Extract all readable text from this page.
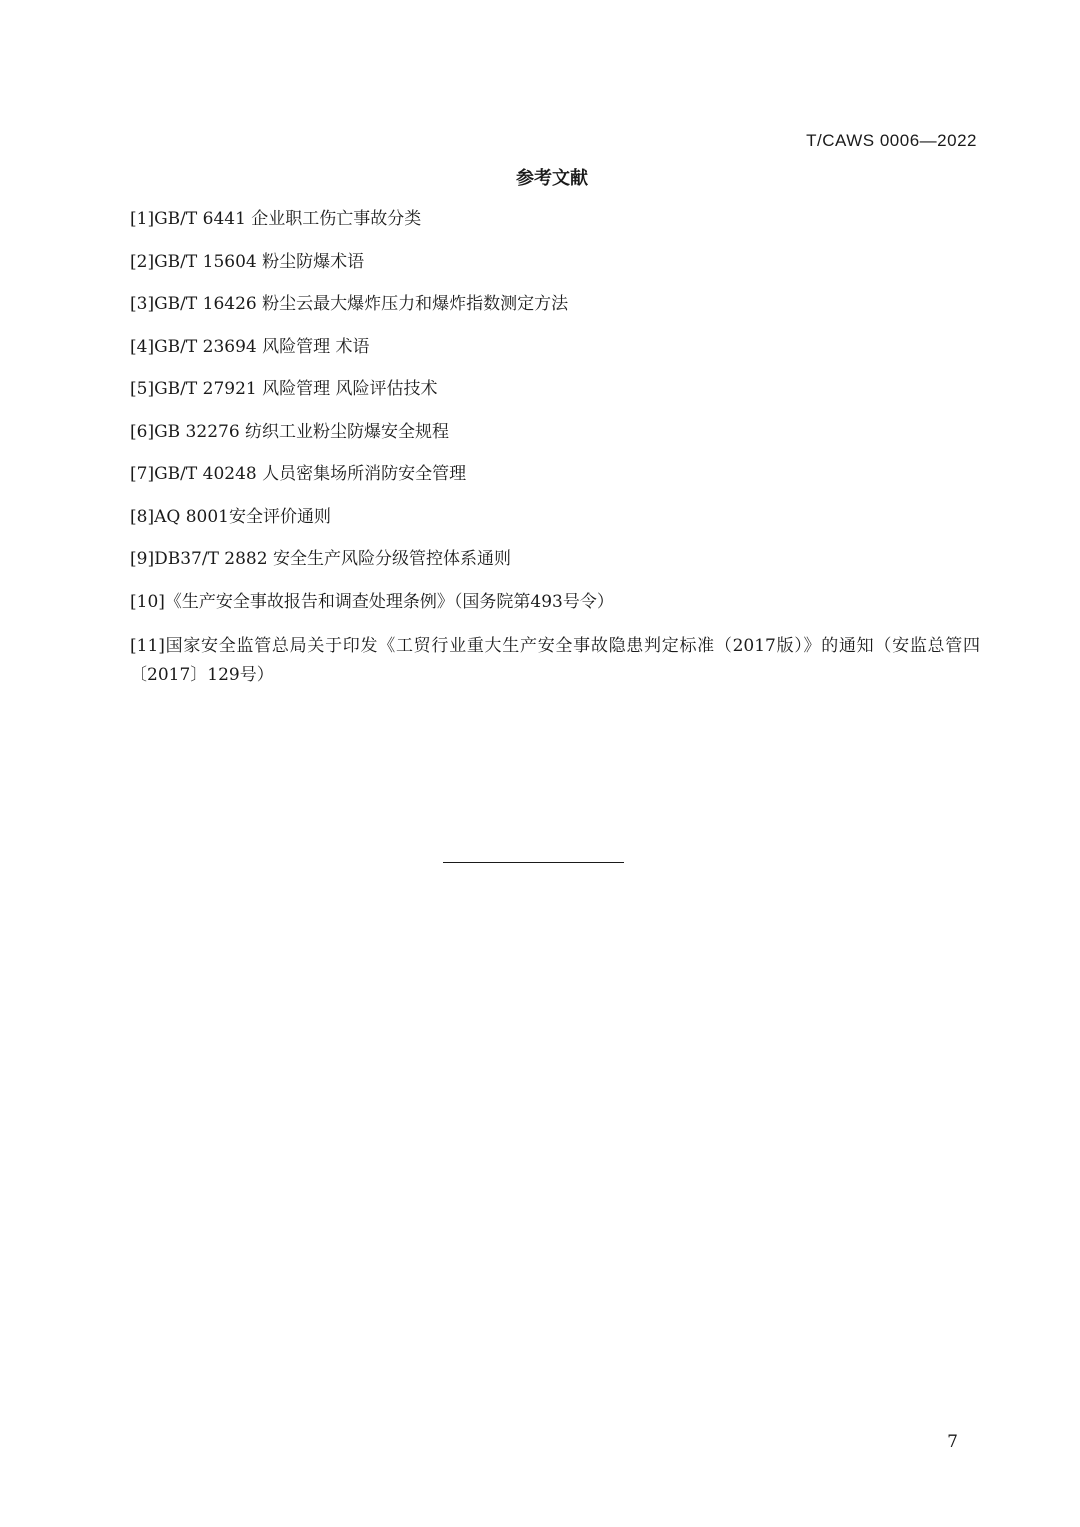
T/CAWS 0006—2022
参考文献
[1]GB/T 6441 企业职工伤亡事故分类
[2]GB/T 15604 粉尘防爆术语
[3]GB/T 16426 粉尘云最大爆炸压力和爆炸指数测定方法
[4]GB/T 23694 风险管理 术语
[5]GB/T 27921 风险管理 风险评估技术
[6]GB 32276 纺织工业粉尘防爆安全规程
[7]GB/T 40248 人员密集场所消防安全管理
[8]AQ 8001安全评价通则
[9]DB37/T 2882 安全生产风险分级管控体系通则
[10]《生产安全事故报告和调查处理条例》（国务院第493号令）
[11]国家安全监管总局关于印发《工贸行业重大生产安全事故隐患判定标准（2017版）》的通知（安监总管四〔2017〕129号）
7
